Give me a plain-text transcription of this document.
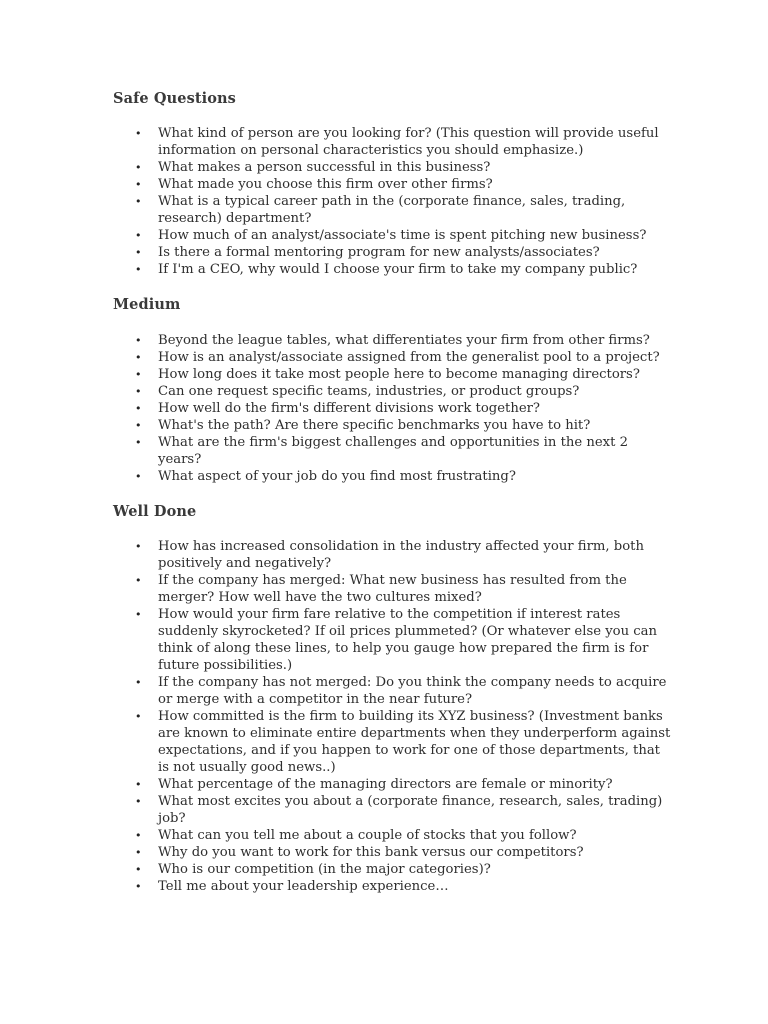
Safe Questions
• What kind of person are you looking for? (This question will provide useful information on personal characteristics you should emphasize.)
• What makes a person successful in this business?
• What made you choose this firm over other firms?
• What is a typical career path in the (corporate finance, sales, trading, research) department?
• How much of an analyst/associate's time is spent pitching new business?
• Is there a formal mentoring program for new analysts/associates?
• If I'm a CEO, why would I choose your firm to take my company public?
Medium
• Beyond the league tables, what differentiates your firm from other firms?
• How is an analyst/associate assigned from the generalist pool to a project?
• How long does it take most people here to become managing directors?
• Can one request specific teams, industries, or product groups?
• How well do the firm's different divisions work together?
• What's the path? Are there specific benchmarks you have to hit?
• What are the firm's biggest challenges and opportunities in the next 2 years?
• What aspect of your job do you find most frustrating?
Well Done
• How has increased consolidation in the industry affected your firm, both positively and negatively?
• If the company has merged: What new business has resulted from the merger? How well have the two cultures mixed?
• How would your firm fare relative to the competition if interest rates suddenly skyrocketed? If oil prices plummeted? (Or whatever else you can think of along these lines, to help you gauge how prepared the firm is for future possibilities.)
• If the company has not merged: Do you think the company needs to acquire or merge with a competitor in the near future?
• How committed is the firm to building its XYZ business? (Investment banks are known to eliminate entire departments when they underperform against expectations, and if you happen to work for one of those departments, that is not usually good news..)
• What percentage of the managing directors are female or minority?
• What most excites you about a (corporate finance, research, sales, trading) job?
• What can you tell me about a couple of stocks that you follow?
• Why do you want to work for this bank versus our competitors?
• Who is our competition (in the major categories)?
• Tell me about your leadership experience…
